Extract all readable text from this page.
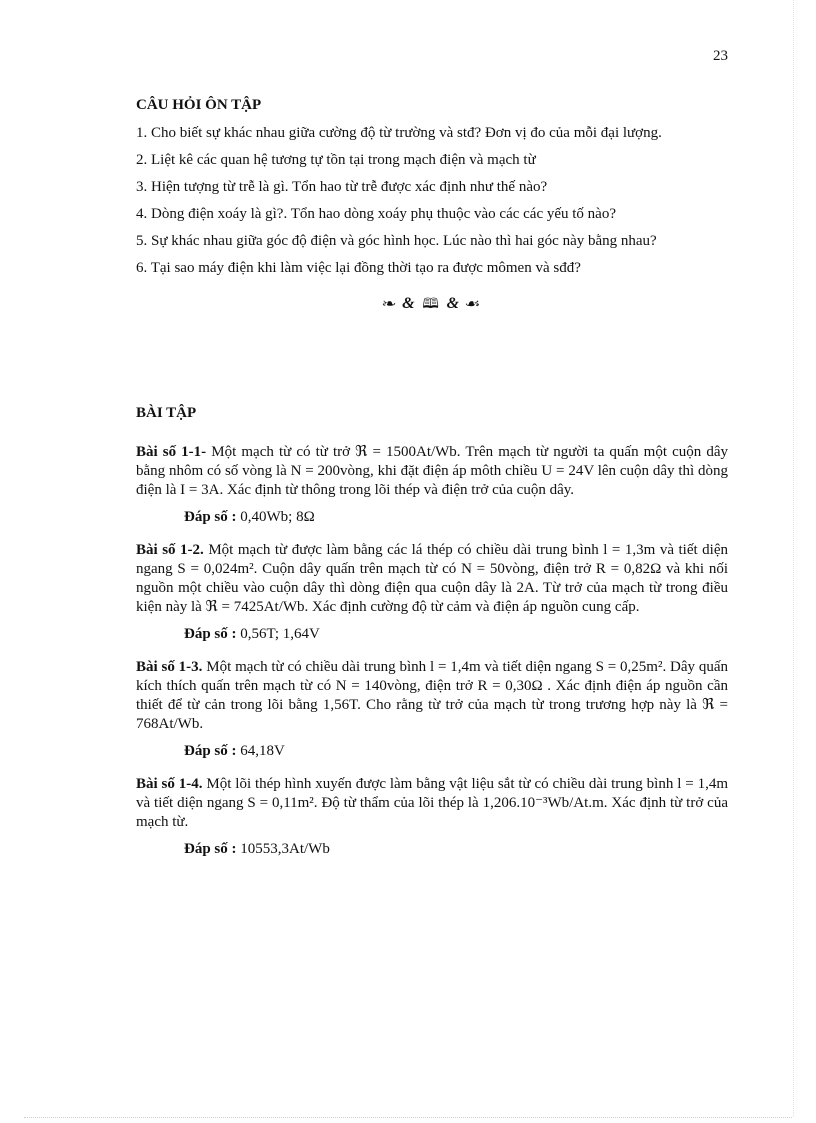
23
CÂU HỎI ÔN TẬP
1. Cho biết sự khác nhau giữa cường độ từ trường và stđ? Đơn vị đo của mỗi đại lượng.
2. Liệt kê các quan hệ tương tự tồn tại trong mạch điện và mạch từ
3. Hiện tượng từ trễ là gì. Tổn hao từ trễ được xác định như thế nào?
4. Dòng điện xoáy là gì?. Tổn hao dòng xoáy phụ thuộc vào các các yếu tố nào?
5. Sự khác nhau giữa góc độ điện và góc hình học. Lúc nào thì hai góc này bằng nhau?
6. Tại sao máy điện khi làm việc lại đồng thời tạo ra được mômen và sđđ?
❧ & 🕮 & ☙
BÀI TẬP
Bài số 1-1- Một mạch từ có từ trở ℜ = 1500At/Wb. Trên mạch từ người ta quấn một cuộn dây bằng nhôm có số vòng là N = 200vòng, khi đặt điện áp môth chiều U = 24V lên cuộn dây thì dòng điện là I = 3A. Xác định từ thông trong lõi thép và điện trở của cuộn dây.
Đáp số : 0,40Wb; 8Ω
Bài số 1-2. Một mạch từ được làm bằng các lá thép có chiều dài trung bình l = 1,3m và tiết diện ngang S = 0,024m². Cuộn dây quấn trên mạch từ có N = 50vòng, điện trở R = 0,82Ω và khi nối nguồn một chiều vào cuộn dây thì dòng điện qua cuộn dây là 2A. Từ trở của mạch từ trong điều kiện này là ℜ = 7425At/Wb. Xác định cường độ từ cảm và điện áp nguồn cung cấp.
Đáp số : 0,56T; 1,64V
Bài số 1-3. Một mạch từ có chiều dài trung bình l = 1,4m và tiết diện ngang S = 0,25m². Dây quấn kích thích quấn trên mạch từ có N = 140vòng, điện trở R = 0,30Ω . Xác định điện áp nguồn cần thiết để từ cản trong lõi bằng 1,56T. Cho rằng từ trở của mạch từ trong trương hợp này là ℜ = 768At/Wb.
Đáp số : 64,18V
Bài số 1-4. Một lõi thép hình xuyến được làm bằng vật liệu sắt từ có chiều dài trung bình l = 1,4m và tiết diện ngang S = 0,11m². Độ từ thẩm của lõi thép là 1,206.10⁻³Wb/At.m. Xác định từ trở của mạch từ.
Đáp số : 10553,3At/Wb
